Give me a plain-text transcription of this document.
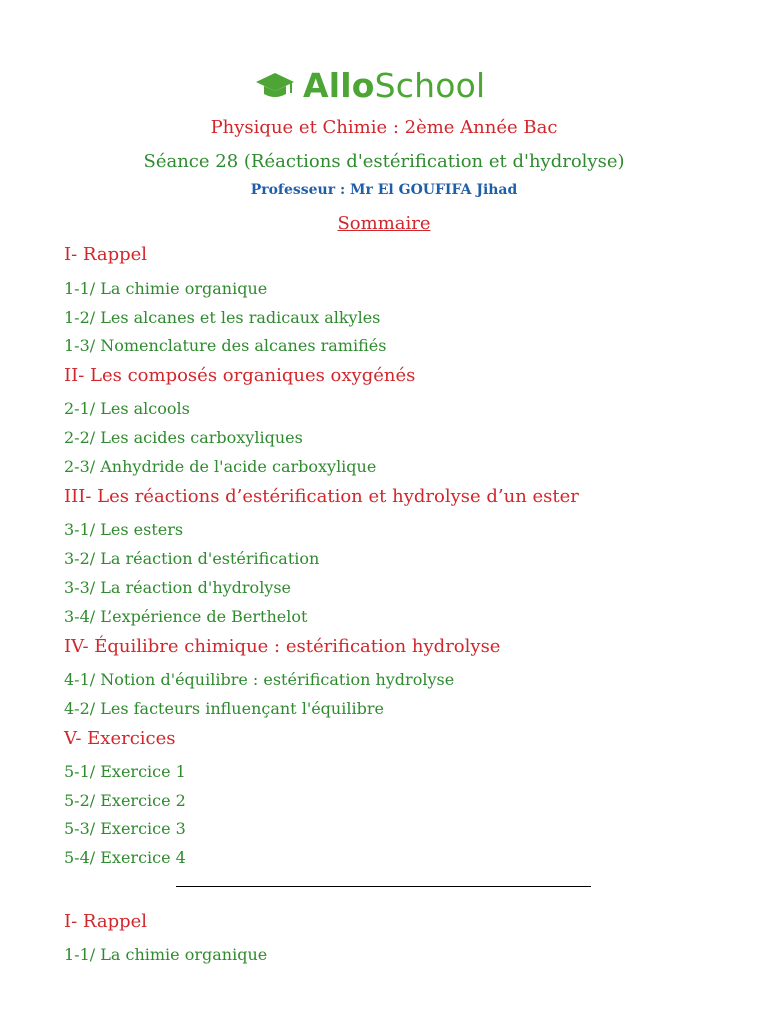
AlloSchool
Physique et Chimie : 2ème Année Bac
Séance 28 (Réactions d'estérification et d'hydrolyse)
Professeur : Mr El GOUFIFA Jihad
Sommaire
I- Rappel
1-1/ La chimie organique
1-2/ Les alcanes et les radicaux alkyles
1-3/ Nomenclature des alcanes ramifiés
II- Les composés organiques oxygénés
2-1/ Les alcools
2-2/ Les acides carboxyliques
2-3/ Anhydride de l'acide carboxylique
III- Les réactions d’estérification et hydrolyse d’un ester
3-1/ Les esters
3-2/ La réaction d'estérification
3-3/ La réaction d'hydrolyse
3-4/ L’expérience de Berthelot
IV- Équilibre chimique : estérification hydrolyse
4-1/ Notion d'équilibre : estérification hydrolyse
4-2/ Les facteurs influençant l'équilibre
V- Exercices
5-1/ Exercice 1
5-2/ Exercice 2
5-3/ Exercice 3
5-4/ Exercice 4
I- Rappel
1-1/ La chimie organique
